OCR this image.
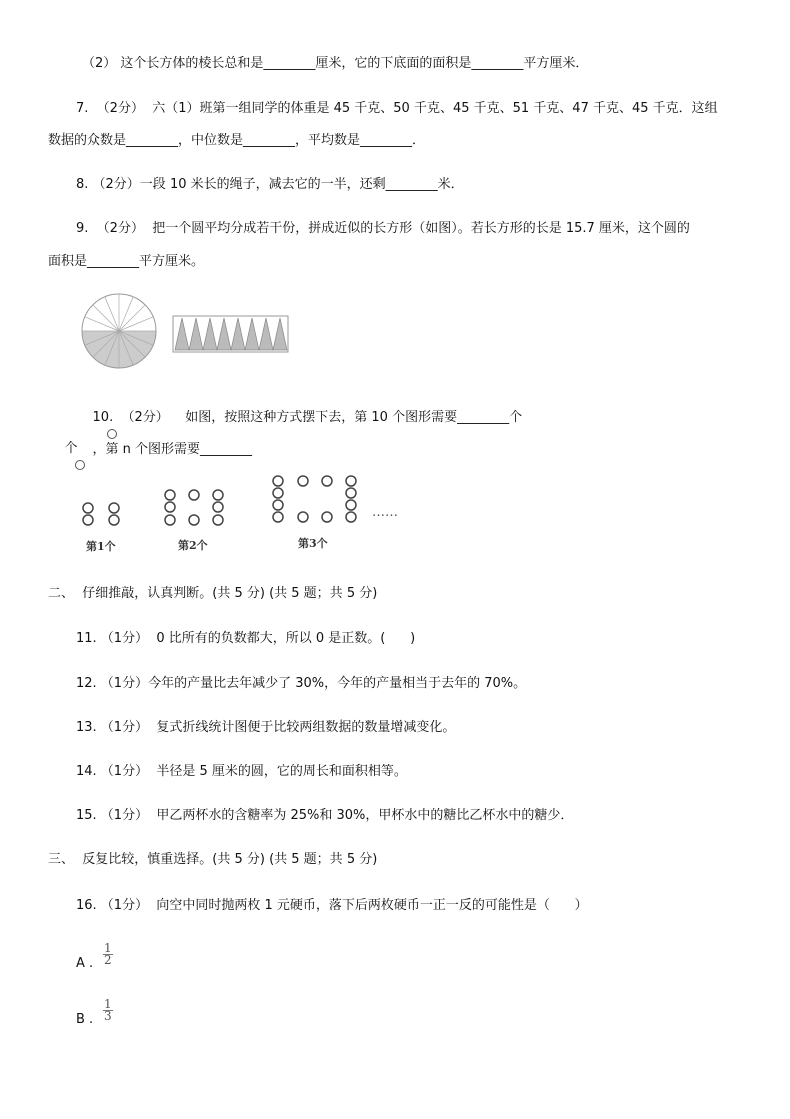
（2） 这个长方体的棱长总和是________厘米，它的下底面的面积是________平方厘米．
7.  （2分）  六（1）班第一组同学的体重是 45 千克、50 千克、45 千克、51 千克、47 千克、45 千克．这组
数据的众数是________，中位数是________，平均数是________．
8. （2分）一段 10 米长的绳子，减去它的一半，还剩________米．
9.  （2分）  把一个圆平均分成若干份，拼成近似的长方形（如图）。若长方形的长是 15.7 厘米，这个圆的
面积是________平方厘米。

10.  （2分）    如图，按照这种方式摆下去，第 10 个图形需要________个

，第 n 个图形需要________

个

第1个	第2个	第3个
……
二、  仔细推敲，认真判断。(共 5 分) (共 5 题；共 5 分)
11. （1分）  0 比所有的负数都大，所以 0 是正数。(      )
12. （1分）今年的产量比去年减少了 30%，今年的产量相当于去年的 70%。
13. （1分）  复式折线统计图便于比较两组数据的数量增减变化。
14. （1分）  半径是 5 厘米的圆，它的周长和面积相等。
15. （1分）  甲乙两杯水的含糖率为 25%和 30%，甲杯水中的糖比乙杯水中的糖少．
三、  反复比较，慎重选择。(共 5 分) (共 5 题；共 5 分)
16. （1分）  向空中同时抛两枚 1 元硬币，落下后两枚硬币一正一反的可能性是（      ）
A . $\frac{1}{2}$
B . $\frac{1}{3}$
